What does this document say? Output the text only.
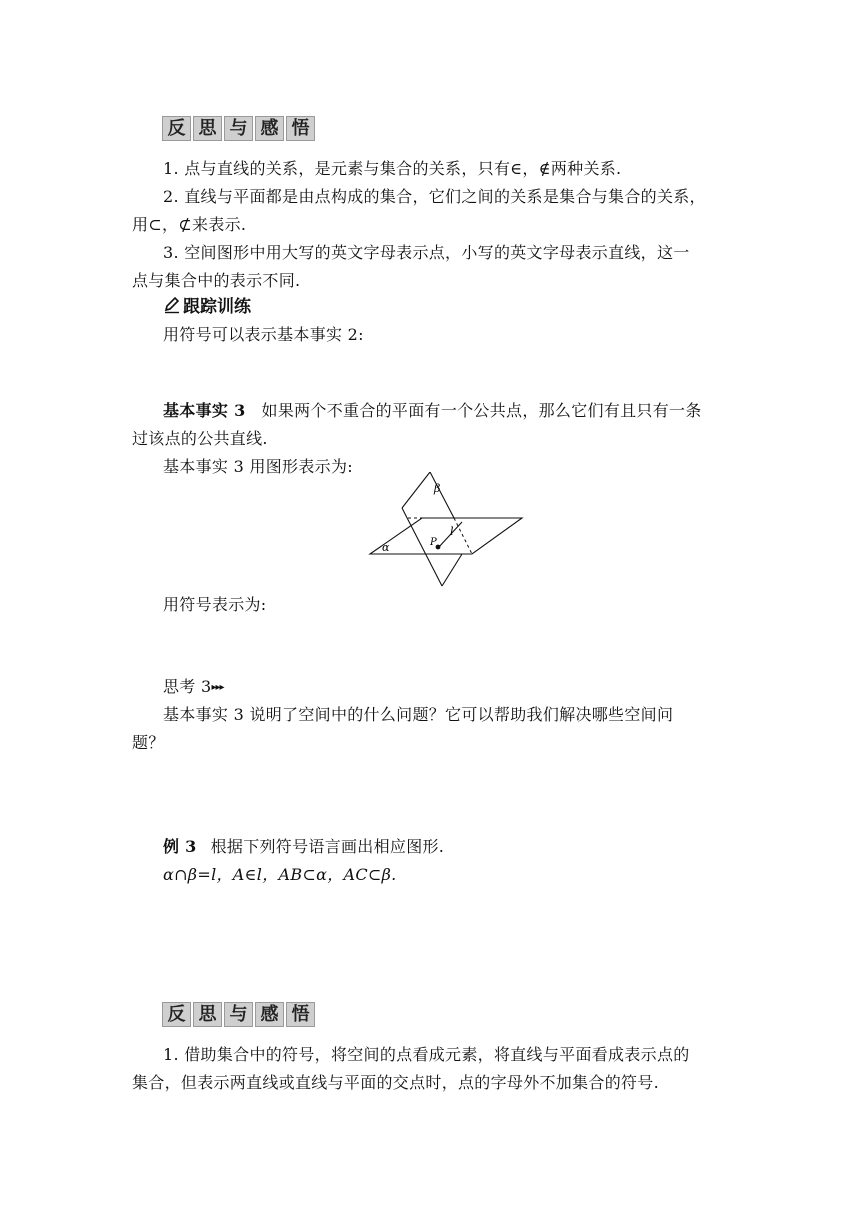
反 思 与 感 悟
1. 点与直线的关系，是元素与集合的关系，只有∈，∉两种关系.
2. 直线与平面都是由点构成的集合，它们之间的关系是集合与集合的关系，
用⊂，⊄来表示.
3. 空间图形中用大写的英文字母表示点，小写的英文字母表示直线，这一
点与集合中的表示不同.
跟踪训练
用符号可以表示基本事实 2:
基本事实 3 如果两个不重合的平面有一个公共点，那么它们有且只有一条
过该点的公共直线.
基本事实 3 用图形表示为:
β
l
P
α
用符号表示为:
思考 3▸▸▸
基本事实 3 说明了空间中的什么问题？它可以帮助我们解决哪些空间问
题？
例 3 根据下列符号语言画出相应图形.
α∩β=l，A∈l，AB⊂α，AC⊂β.
反 思 与 感 悟
1. 借助集合中的符号，将空间的点看成元素，将直线与平面看成表示点的
集合，但表示两直线或直线与平面的交点时，点的字母外不加集合的符号.
